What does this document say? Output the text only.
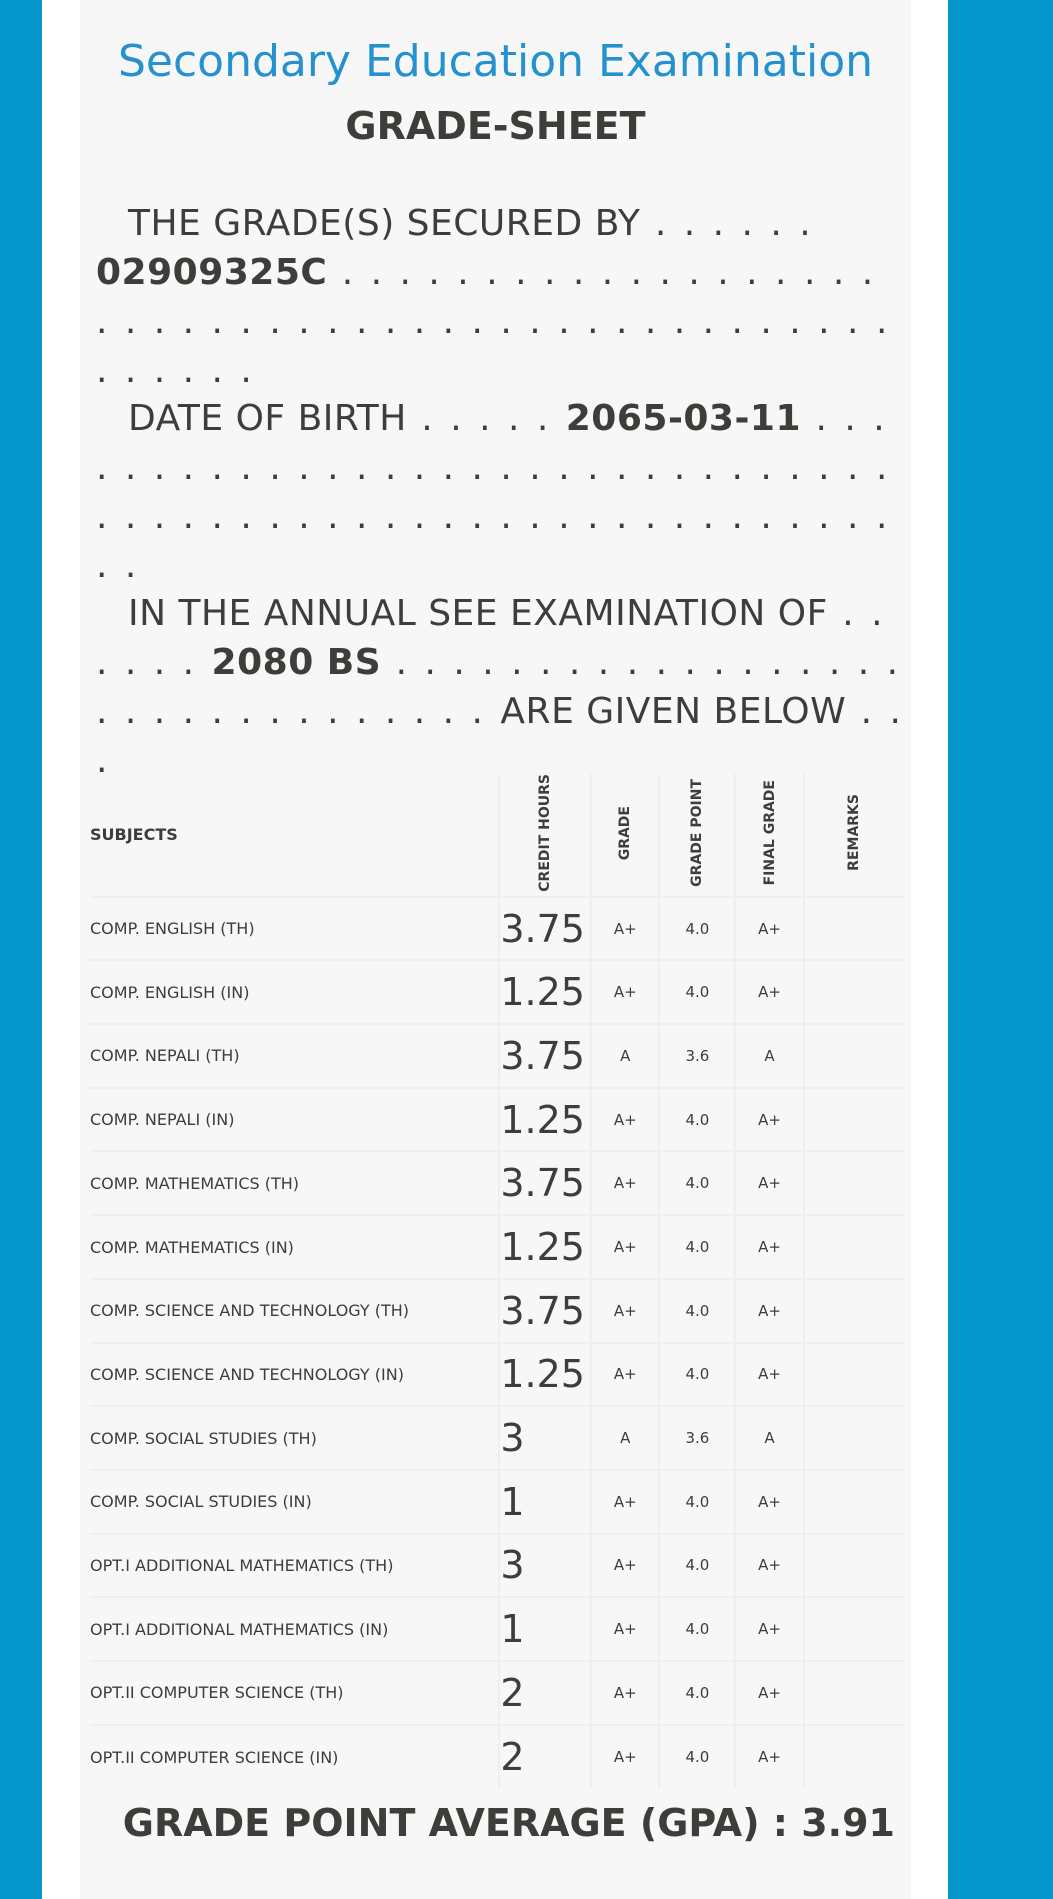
Secondary Education Examination
GRADE-SHEET
THE GRADE(S) SECURED BY . . . . . . 02909325C . . . . . . . . . . . . . . . . . . . . . . . . . . . . . . . . . . . . . . . . . . . . . . . . . . . . .
DATE OF BIRTH . . . . . 2065-03-11 . . . . . . . . . . . . . . . . . . . . . . . . . . . . . . . . . . . . . . . . . . . . . . . . . . . . . . . . . . . . .
IN THE ANNUAL SEE EXAMINATION OF . . . . . . 2080 BS . . . . . . . . . . . . . . . . . . . . . . . . . . . . . . . . ARE GIVEN BELOW . . .
SUBJECTS	CREDIT HOURS	GRADE	GRADE POINT	FINAL GRADE	REMARKS
COMP. ENGLISH (TH)	3.75	A+	4.0	A+	
COMP. ENGLISH (IN)	1.25	A+	4.0	A+	
COMP. NEPALI (TH)	3.75	A	3.6	A	
COMP. NEPALI (IN)	1.25	A+	4.0	A+	
COMP. MATHEMATICS (TH)	3.75	A+	4.0	A+	
COMP. MATHEMATICS (IN)	1.25	A+	4.0	A+	
COMP. SCIENCE AND TECHNOLOGY (TH)	3.75	A+	4.0	A+	
COMP. SCIENCE AND TECHNOLOGY (IN)	1.25	A+	4.0	A+	
COMP. SOCIAL STUDIES (TH)	3	A	3.6	A	
COMP. SOCIAL STUDIES (IN)	1	A+	4.0	A+	
OPT.I ADDITIONAL MATHEMATICS (TH)	3	A+	4.0	A+	
OPT.I ADDITIONAL MATHEMATICS (IN)	1	A+	4.0	A+	
OPT.II COMPUTER SCIENCE (TH)	2	A+	4.0	A+	
OPT.II COMPUTER SCIENCE (IN)	2	A+	4.0	A+	
GRADE POINT AVERAGE (GPA) : 3.91
